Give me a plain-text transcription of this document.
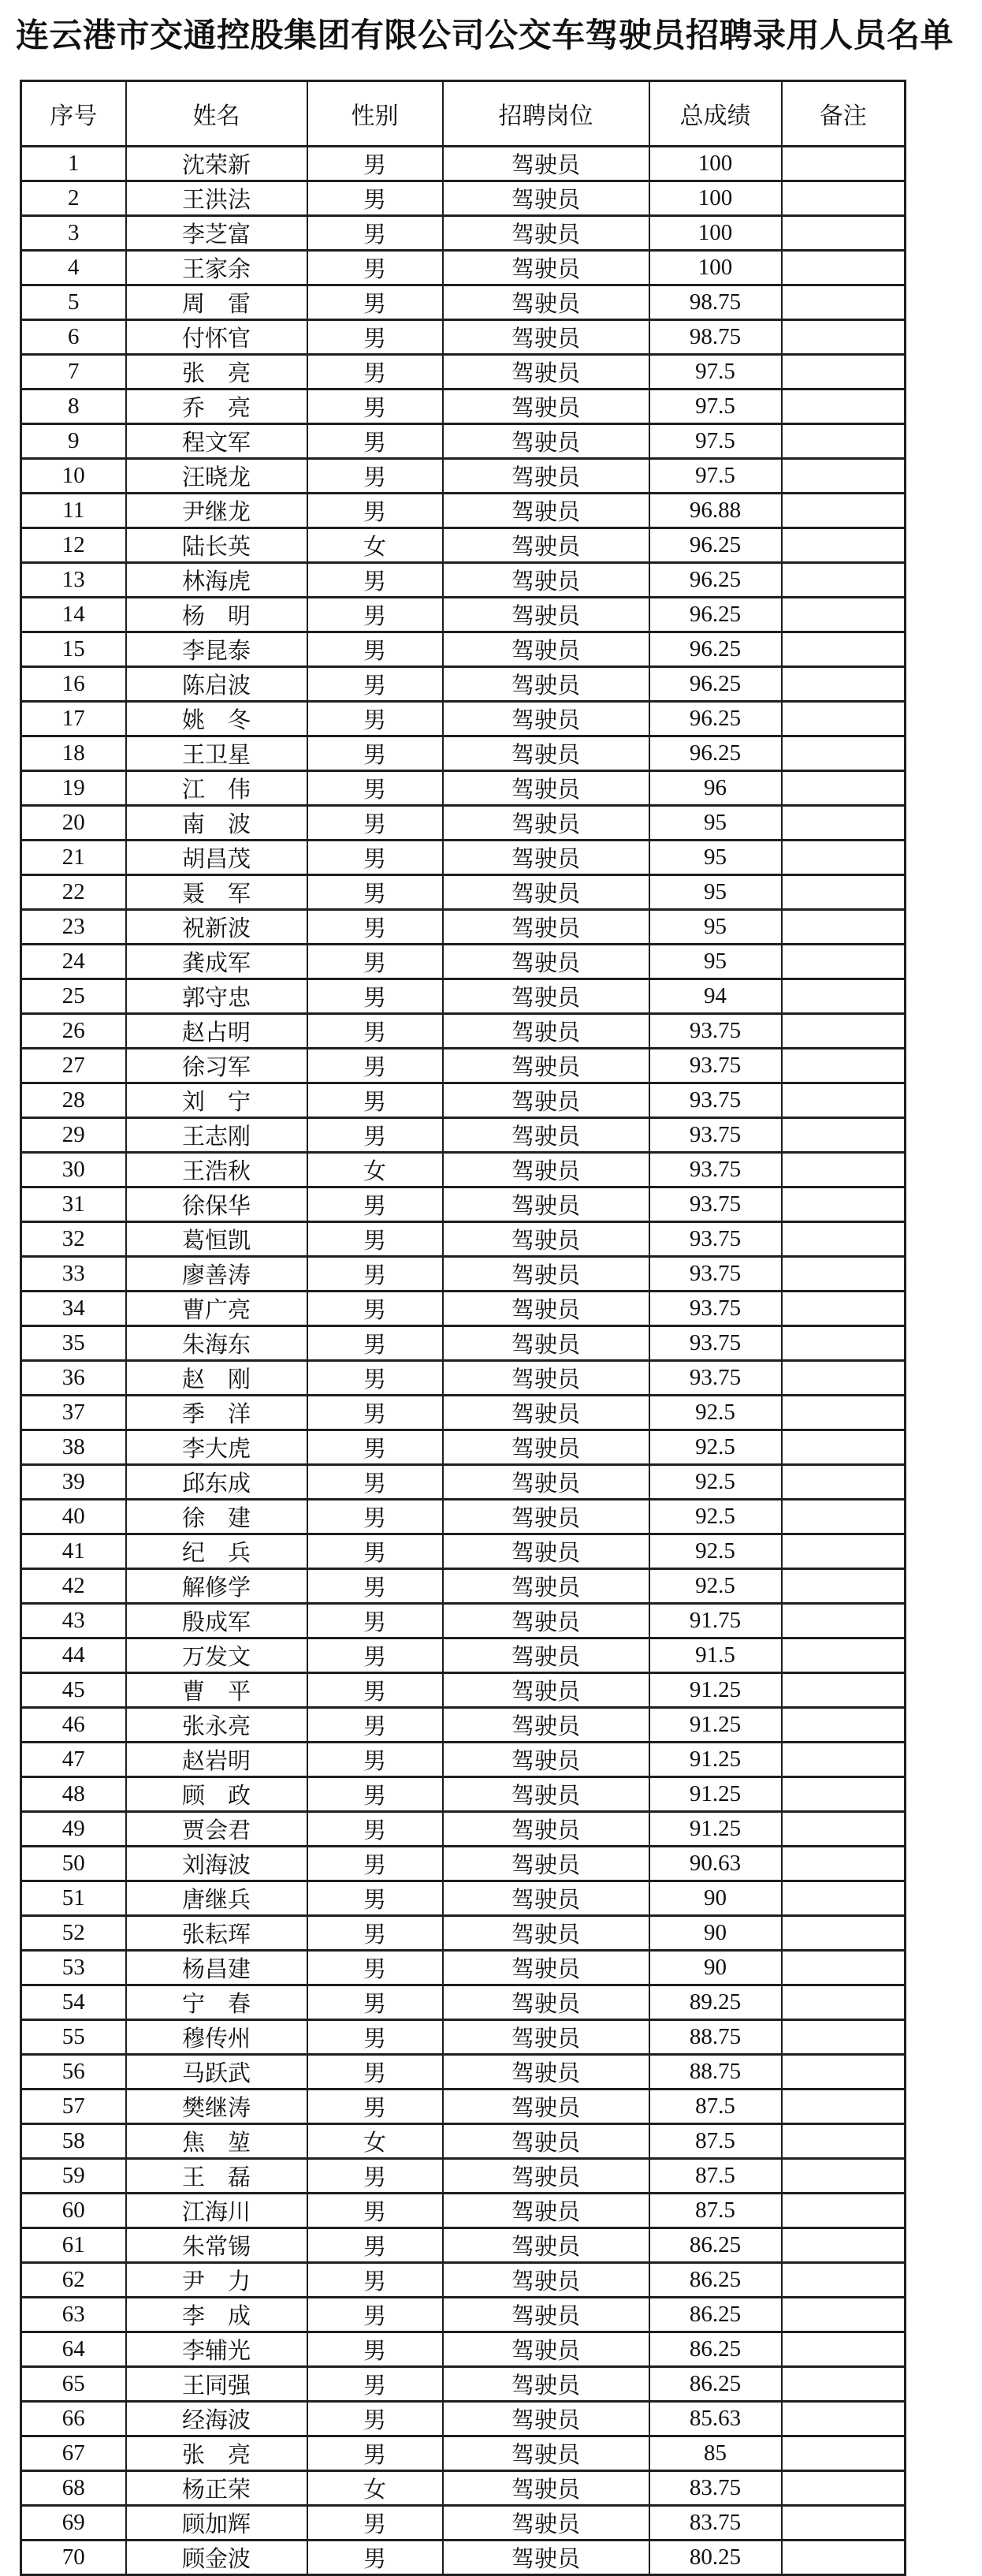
连云港市交通控股集团有限公司公交车驾驶员招聘录用人员名单
序号	姓名	性别	招聘岗位	总成绩	备注
1	沈荣新	男	驾驶员	100	
2	王洪法	男	驾驶员	100	
3	李芝富	男	驾驶员	100	
4	王家余	男	驾驶员	100	
5	周　雷	男	驾驶员	98.75	
6	付怀官	男	驾驶员	98.75	
7	张　亮	男	驾驶员	97.5	
8	乔　亮	男	驾驶员	97.5	
9	程文军	男	驾驶员	97.5	
10	汪晓龙	男	驾驶员	97.5	
11	尹继龙	男	驾驶员	96.88	
12	陆长英	女	驾驶员	96.25	
13	林海虎	男	驾驶员	96.25	
14	杨　明	男	驾驶员	96.25	
15	李昆泰	男	驾驶员	96.25	
16	陈启波	男	驾驶员	96.25	
17	姚　冬	男	驾驶员	96.25	
18	王卫星	男	驾驶员	96.25	
19	江　伟	男	驾驶员	96	
20	南　波	男	驾驶员	95	
21	胡昌茂	男	驾驶员	95	
22	聂　军	男	驾驶员	95	
23	祝新波	男	驾驶员	95	
24	龚成军	男	驾驶员	95	
25	郭守忠	男	驾驶员	94	
26	赵占明	男	驾驶员	93.75	
27	徐习军	男	驾驶员	93.75	
28	刘　宁	男	驾驶员	93.75	
29	王志刚	男	驾驶员	93.75	
30	王浩秋	女	驾驶员	93.75	
31	徐保华	男	驾驶员	93.75	
32	葛恒凯	男	驾驶员	93.75	
33	廖善涛	男	驾驶员	93.75	
34	曹广亮	男	驾驶员	93.75	
35	朱海东	男	驾驶员	93.75	
36	赵　刚	男	驾驶员	93.75	
37	季　洋	男	驾驶员	92.5	
38	李大虎	男	驾驶员	92.5	
39	邱东成	男	驾驶员	92.5	
40	徐　建	男	驾驶员	92.5	
41	纪　兵	男	驾驶员	92.5	
42	解修学	男	驾驶员	92.5	
43	殷成军	男	驾驶员	91.75	
44	万发文	男	驾驶员	91.5	
45	曹　平	男	驾驶员	91.25	
46	张永亮	男	驾驶员	91.25	
47	赵岩明	男	驾驶员	91.25	
48	顾　政	男	驾驶员	91.25	
49	贾会君	男	驾驶员	91.25	
50	刘海波	男	驾驶员	90.63	
51	唐继兵	男	驾驶员	90	
52	张耘珲	男	驾驶员	90	
53	杨昌建	男	驾驶员	90	
54	宁　春	男	驾驶员	89.25	
55	穆传州	男	驾驶员	88.75	
56	马跃武	男	驾驶员	88.75	
57	樊继涛	男	驾驶员	87.5	
58	焦　堃	女	驾驶员	87.5	
59	王　磊	男	驾驶员	87.5	
60	江海川	男	驾驶员	87.5	
61	朱常锡	男	驾驶员	86.25	
62	尹　力	男	驾驶员	86.25	
63	李　成	男	驾驶员	86.25	
64	李辅光	男	驾驶员	86.25	
65	王同强	男	驾驶员	86.25	
66	经海波	男	驾驶员	85.63	
67	张　亮	男	驾驶员	85	
68	杨正荣	女	驾驶员	83.75	
69	顾加辉	男	驾驶员	83.75	
70	顾金波	男	驾驶员	80.25	
